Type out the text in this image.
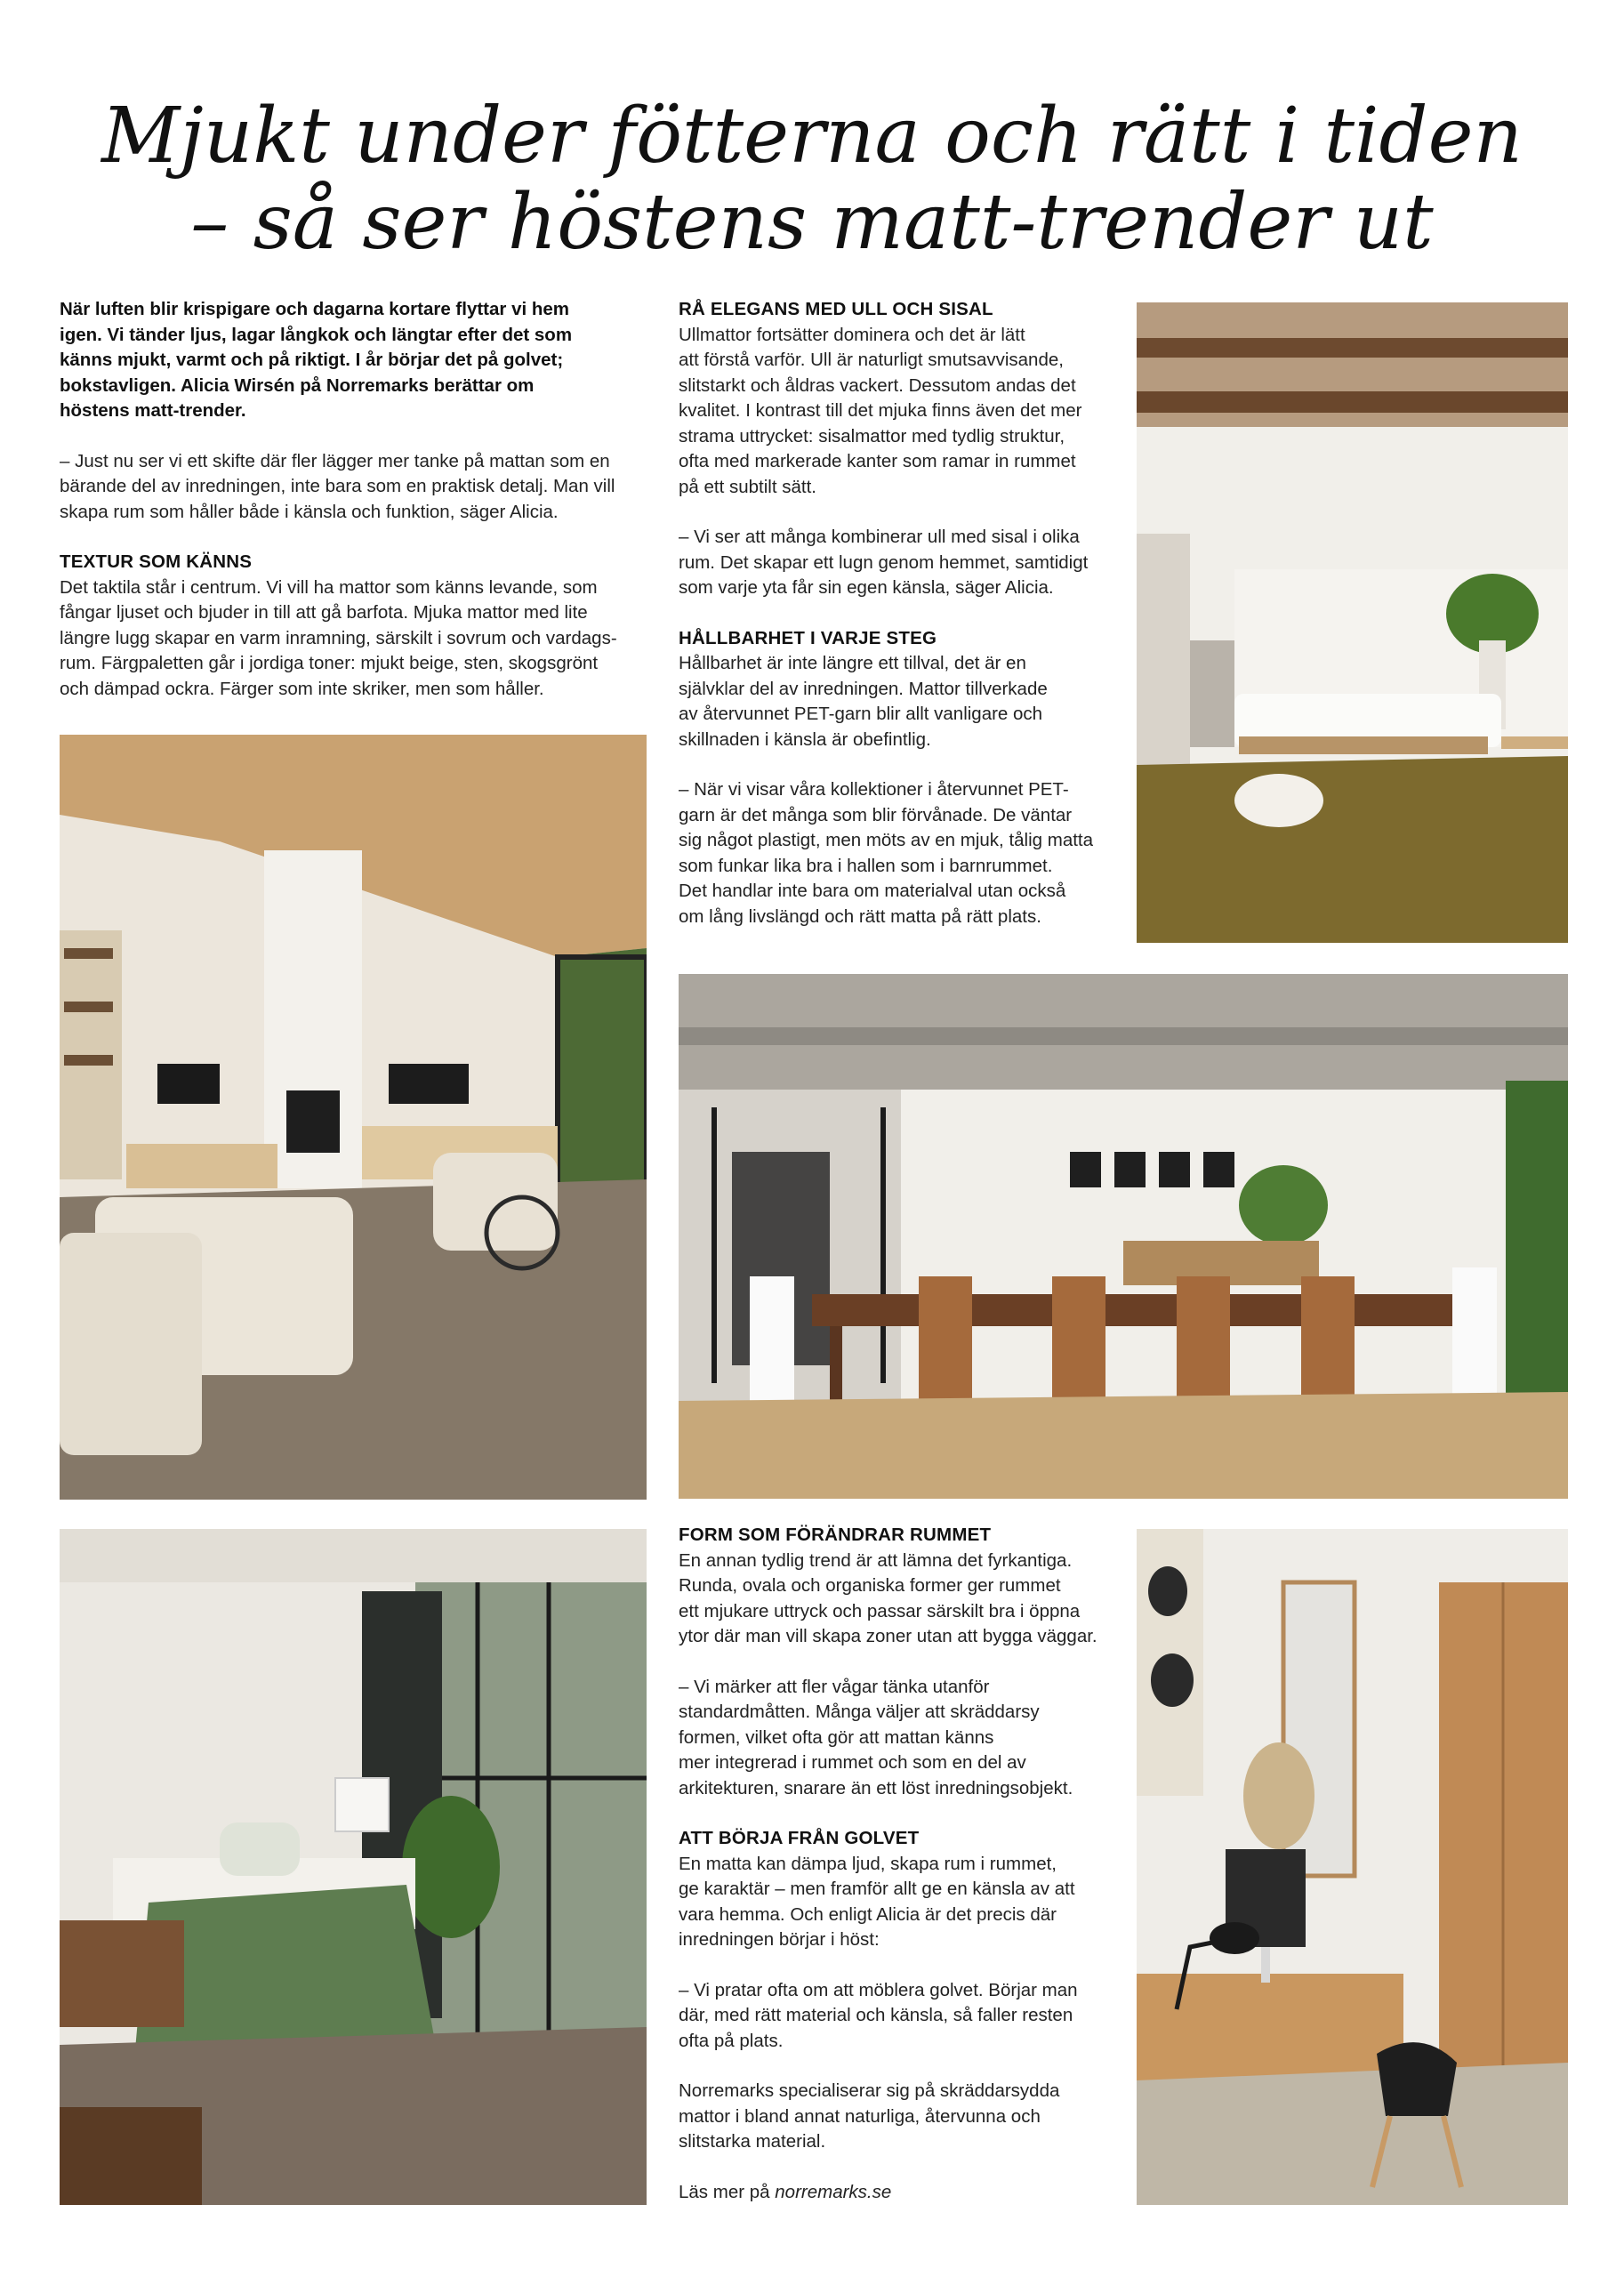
Mjukt under fötterna och rätt i tiden
– så ser höstens matt-trender ut

När luften blir krispigare och dagarna kortare flyttar vi hem
igen. Vi tänder ljus, lagar långkok och längtar efter det som
känns mjukt, varmt och på riktigt. I år börjar det på golvet;
bokstavligen. Alicia Wirsén på Norremarks berättar om
höstens matt-trender.

– Just nu ser vi ett skifte där fler lägger mer tanke på mattan som en
bärande del av inredningen, inte bara som en praktisk detalj. Man vill
skapa rum som håller både i känsla och funktion, säger Alicia.

TEXTUR SOM KÄNNS

Det taktila står i centrum. Vi vill ha mattor som känns levande, som
fångar ljuset och bjuder in till att gå barfota. Mjuka mattor med lite
längre lugg skapar en varm inramning, särskilt i sovrum och vardags-
rum. Färgpaletten går i jordiga toner: mjukt beige, sten, skogsgrönt
och dämpad ockra. Färger som inte skriker, men som håller.

RÅ ELEGANS MED ULL OCH SISAL

Ullmattor fortsätter dominera och det är lätt
att förstå varför. Ull är naturligt smutsavvisande,
slitstarkt och åldras vackert. Dessutom andas det
kvalitet. I kontrast till det mjuka finns även det mer
strama uttrycket: sisalmattor med tydlig struktur,
ofta med markerade kanter som ramar in rummet
på ett subtilt sätt.

– Vi ser att många kombinerar ull med sisal i olika
rum. Det skapar ett lugn genom hemmet, samtidigt
som varje yta får sin egen känsla, säger Alicia.

HÅLLBARHET I VARJE STEG

Hållbarhet är inte längre ett tillval, det är en
självklar del av inredningen. Mattor tillverkade
av återvunnet PET-garn blir allt vanligare och
skillnaden i känsla är obefintlig.

– När vi visar våra kollektioner i återvunnet PET-
garn är det många som blir förvånade. De väntar
sig något plastigt, men möts av en mjuk, tålig matta
som funkar lika bra i hallen som i barnrummet.
Det handlar inte bara om materialval utan också
om lång livslängd och rätt matta på rätt plats.

FORM SOM FÖRÄNDRAR RUMMET

En annan tydlig trend är att lämna det fyrkantiga.
Runda, ovala och organiska former ger rummet
ett mjukare uttryck och passar särskilt bra i öppna
ytor där man vill skapa zoner utan att bygga väggar.

– Vi märker att fler vågar tänka utanför
standardmåtten. Många väljer att skräddarsy
formen, vilket ofta gör att mattan känns
mer integrerad i rummet och som en del av
arkitekturen, snarare än ett löst inredningsobjekt.

ATT BÖRJA FRÅN GOLVET

En matta kan dämpa ljud, skapa rum i rummet,
ge karaktär – men framför allt ge en känsla av att
vara hemma. Och enligt Alicia är det precis där
inredningen börjar i höst:

– Vi pratar ofta om att möblera golvet. Börjar man
där, med rätt material och känsla, så faller resten
ofta på plats.

Norremarks specialiserar sig på skräddarsydda
mattor i bland annat naturliga, återvunna och
slitstarka material.

Läs mer på norremarks.se
